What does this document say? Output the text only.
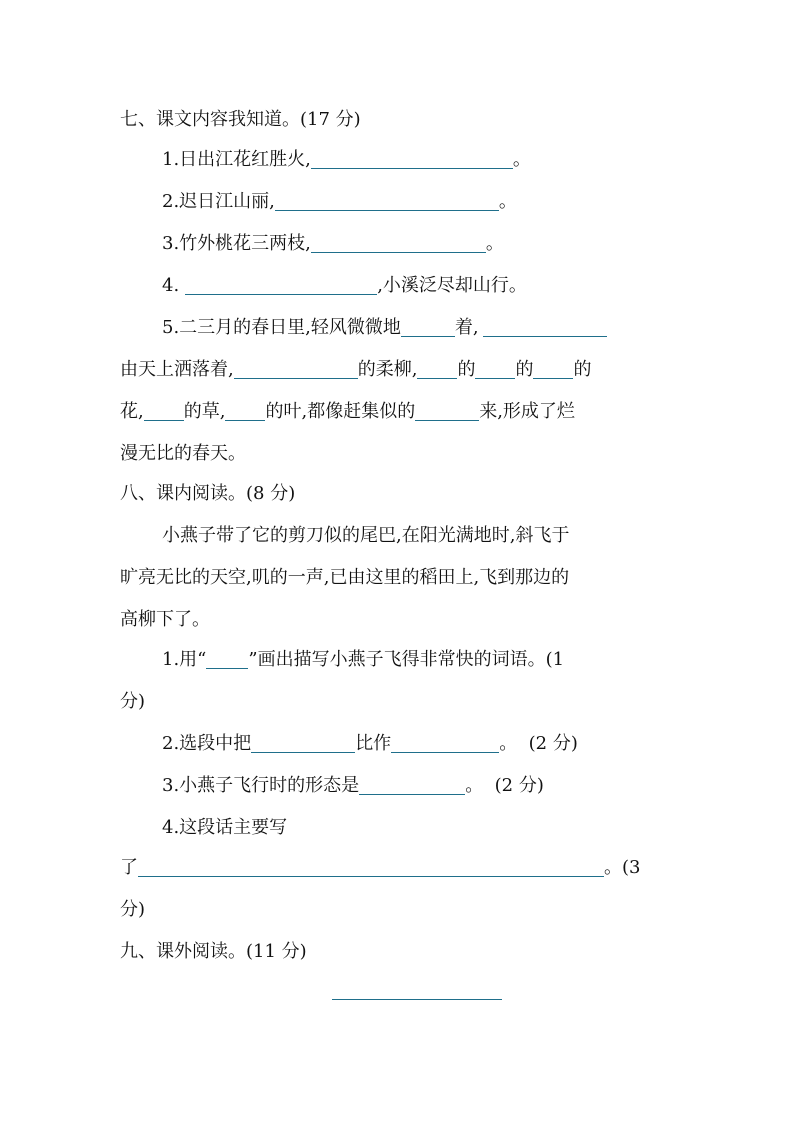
七、课文内容我知道。(17 分)
1.日出江花红胜火,	。
2.迟日江山丽,	。
3.竹外桃花三两枝,	。
4.	,小溪泛尽却山行。
5.二三月的春日里,轻风微微地	着,
由天上洒落着,	的柔柳, 的 的 的
花, 的草, 的叶,都像赶集似的	来,形成了烂
漫无比的春天。
八、课内阅读。(8 分)
小燕子带了它的剪刀似的尾巴,在阳光满地时,斜飞于
旷亮无比的天空,叽的一声,已由这里的稻田上,飞到那边的
高柳下了。
1.用“ ”画出描写小燕子飞得非常快的词语。(1
分)
2.选段中把	比作	。  (2 分)
3.小燕子飞行时的形态是	。  (2 分)
4.这段话主要写
了	。(3
分)
九、课外阅读。(11 分)
